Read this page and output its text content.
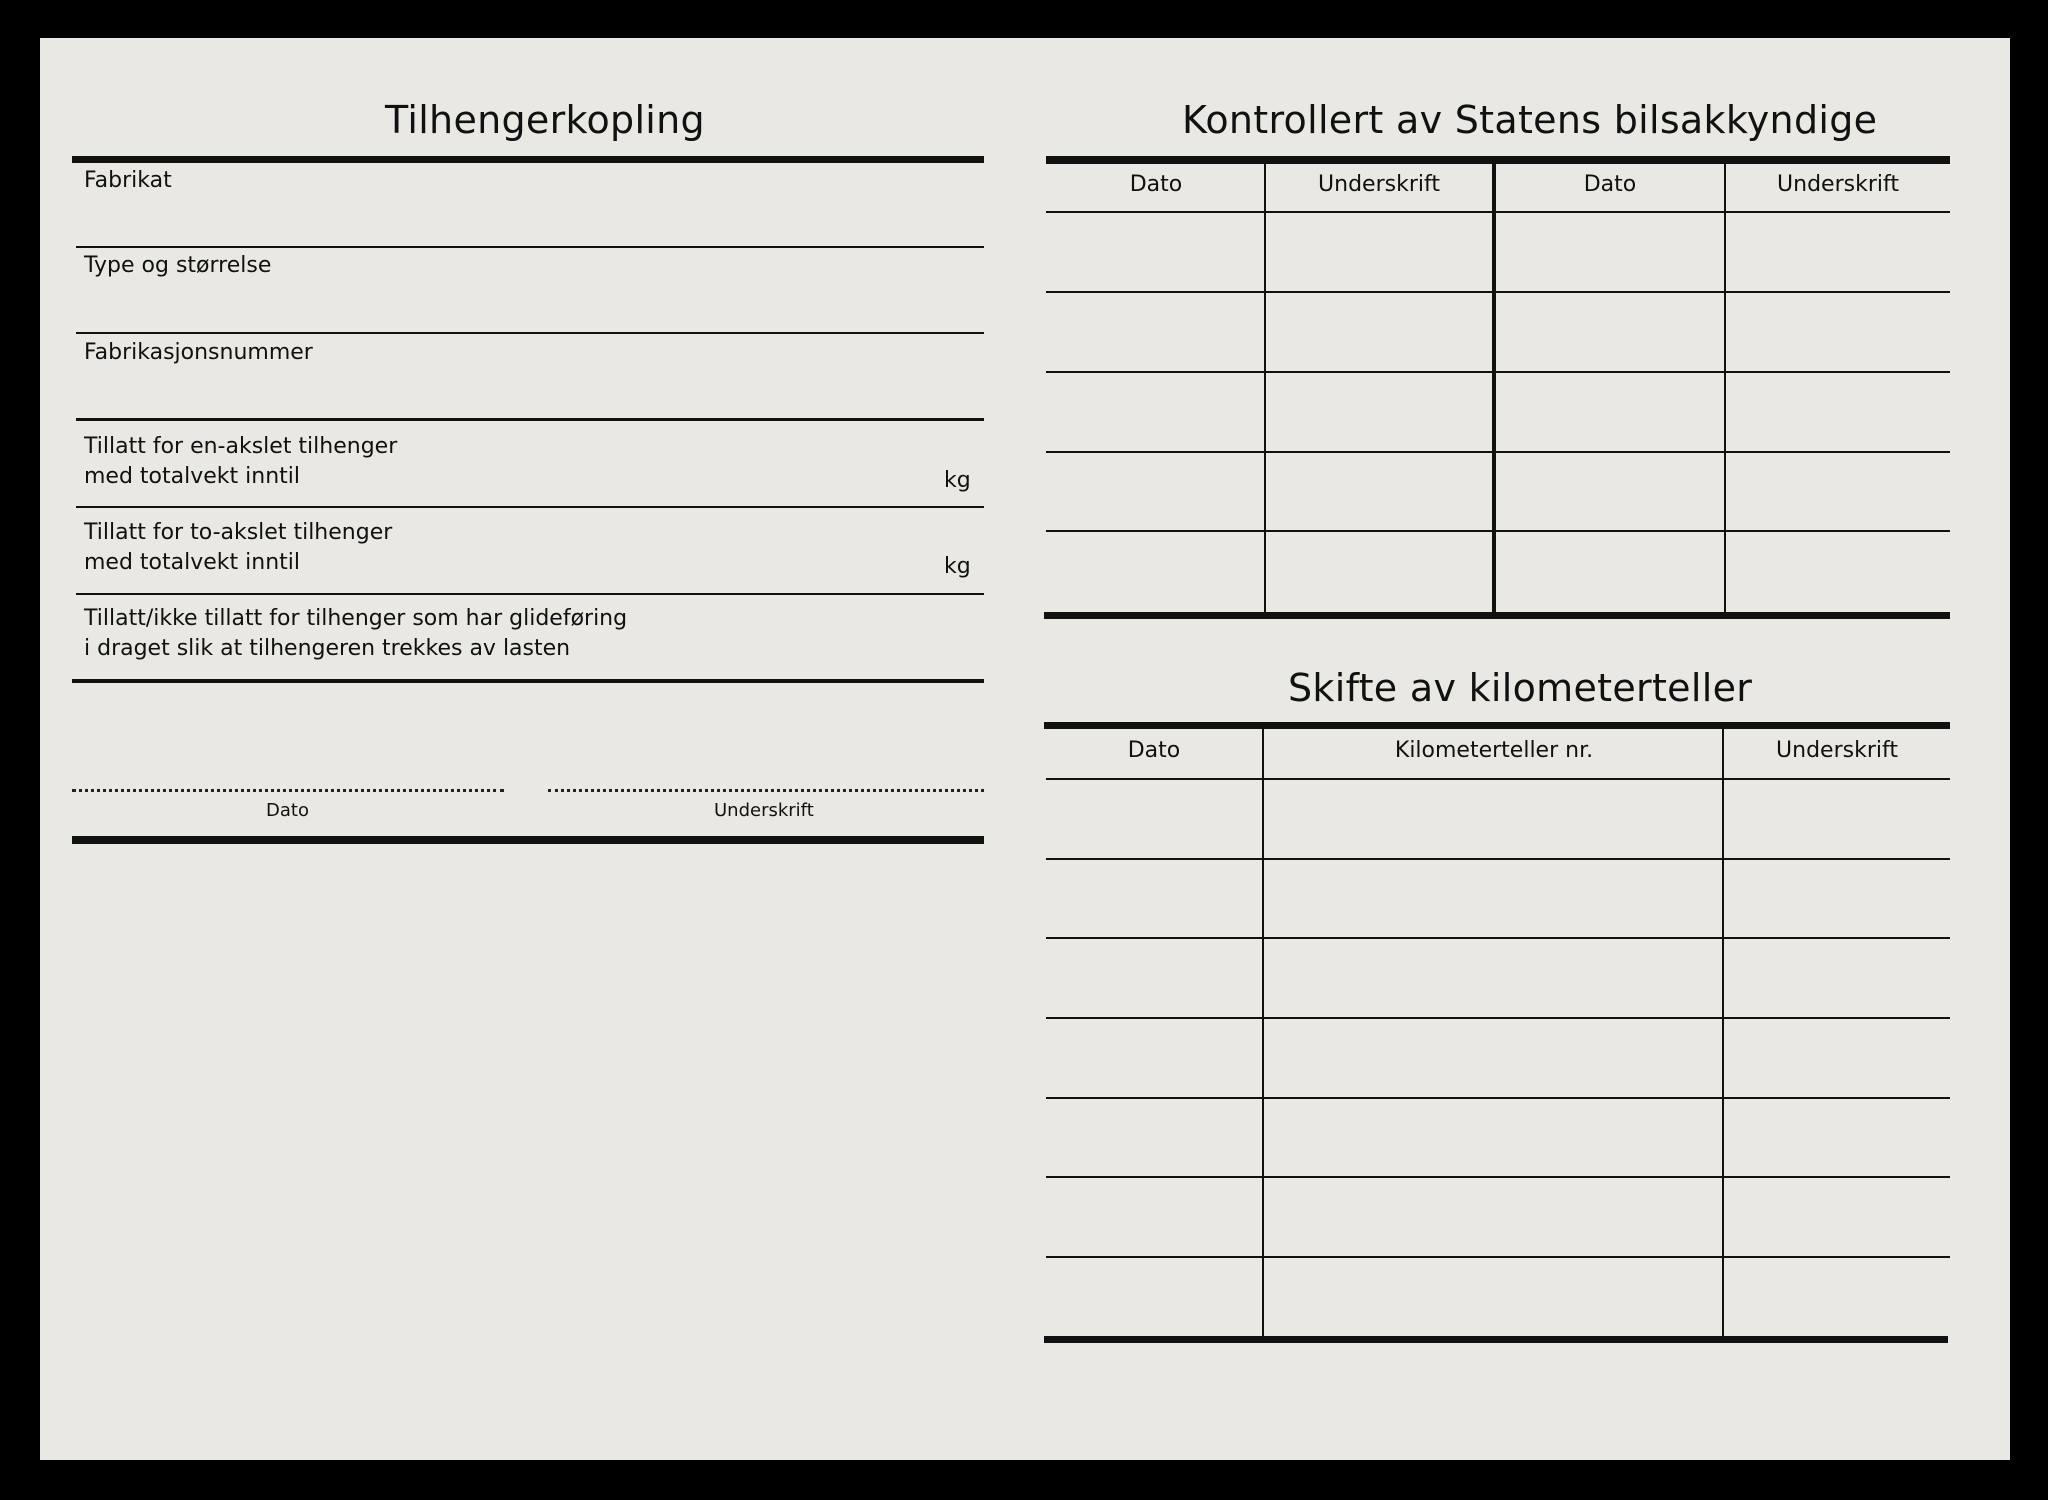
Tilhengerkopling
Fabrikat
Type og størrelse
Fabrikasjonsnummer
Tillatt for en-akslet tilhenger
med totalvekt inntil	kg
Tillatt for to-akslet tilhenger
med totalvekt inntil	kg
Tillatt/ikke tillatt for tilhenger som har glideføring
i draget slik at tilhengeren trekkes av lasten
Dato	Underskrift
Kontrollert av Statens bilsakkyndige
Dato	Underskrift	Dato	Underskrift
Skifte av kilometerteller
Dato	Kilometerteller nr.	Underskrift
